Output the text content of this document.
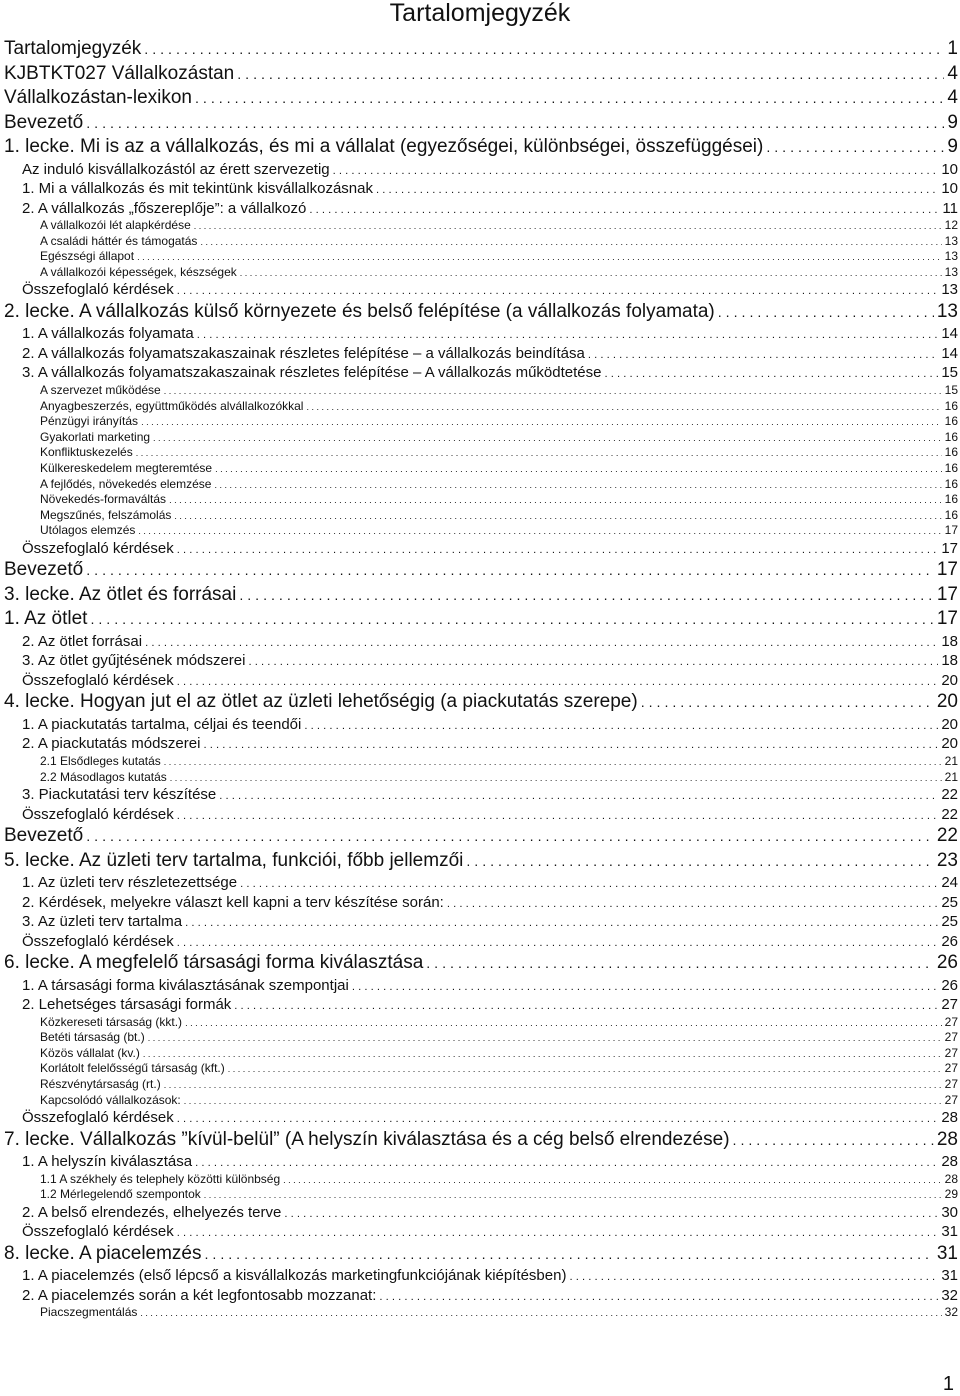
Tartalomjegyzék
Tartalomjegyzék . . .	1
KJBTKT027 Vállalkozástan . . .	4
Vállalkozástan-lexikon . . .	4
Bevezető . . .	9
1. lecke. Mi is az a vállalkozás, és mi a vállalat (egyezőségei, különbségei, összefüggései) . . .	9
Az induló kisvállalkozástól az érett szervezetig . . .	10
1. Mi a vállalkozás és mit tekintünk kisvállalkozásnak . . .	10
2. A vállalkozás „főszereplője”: a vállalkozó . . .	11
A vállalkozói lét alapkérdése . . .	12
A családi háttér és támogatás . . .	13
Egészségi állapot . . .	13
A vállalkozói képességek, készségek . . .	13
Összefoglaló kérdések . . .	13
2. lecke. A vállalkozás külső környezete és belső felépítése (a vállalkozás folyamata) . . .	13
1. A vállalkozás folyamata . . .	14
2. A vállalkozás folyamatszakaszainak részletes felépítése – a vállalkozás beindítása . . .	14
3. A vállalkozás folyamatszakaszainak részletes felépítése – A vállalkozás működtetése . . .	15
A szervezet működése . . .	15
Anyagbeszerzés, együttműködés alvállalkozókkal . . .	16
Pénzügyi irányítás . . .	16
Gyakorlati marketing . . .	16
Konfliktuskezelés . . .	16
Külkereskedelem megteremtése . . .	16
A fejlődés, növekedés elemzése . . .	16
Növekedés-formaváltás . . .	16
Megszűnés, felszámolás . . .	16
Utólagos elemzés . . .	17
Összefoglaló kérdések . . .	17
Bevezető . . .	17
3. lecke. Az ötlet és forrásai . . .	17
1. Az ötlet . . .	17
2. Az ötlet forrásai . . .	18
3. Az ötlet gyűjtésének módszerei . . .	18
Összefoglaló kérdések . . .	20
4. lecke. Hogyan jut el az ötlet az üzleti lehetőségig (a piackutatás szerepe) . . .	20
1. A piackutatás tartalma, céljai és teendői . . .	20
2. A piackutatás módszerei . . .	20
2.1 Elsődleges kutatás . . .	21
2.2 Másodlagos kutatás . . .	21
3. Piackutatási terv készítése . . .	22
Összefoglaló kérdések . . .	22
Bevezető . . .	22
5. lecke. Az üzleti terv tartalma, funkciói, főbb jellemzői . . .	23
1. Az üzleti terv részletezettsége . . .	24
2. Kérdések, melyekre választ kell kapni a terv készítése során: . . .	25
3. Az üzleti terv tartalma . . .	25
Összefoglaló kérdések . . .	26
6. lecke. A megfelelő társasági forma kiválasztása . . .	26
1. A társasági forma kiválasztásának szempontjai . . .	26
2. Lehetséges társasági formák . . .	27
Közkereseti társaság (kkt.) . . .	27
Betéti társaság (bt.) . . .	27
Közös vállalat (kv.) . . .	27
Korlátolt felelősségű társaság (kft.) . . .	27
Részvénytársaság (rt.) . . .	27
Kapcsolódó vállalkozások: . . .	27
Összefoglaló kérdések . . .	28
7. lecke. Vállalkozás ”kívül-belül” (A helyszín kiválasztása és a cég belső elrendezése) . . .	28
1. A helyszín kiválasztása . . .	28
1.1 A székhely és telephely közötti különbség . . .	28
1.2 Mérlegelendő szempontok . . .	29
2. A belső elrendezés, elhelyezés terve . . .	30
Összefoglaló kérdések . . .	31
8. lecke. A piacelemzés . . .	31
1. A piacelemzés (első lépcső a kisvállalkozás marketingfunkciójának kiépítésben) . . .	31
2. A piacelemzés során a két legfontosabb mozzanat: . . .	32
Piacszegmentálás . . .	32
1
